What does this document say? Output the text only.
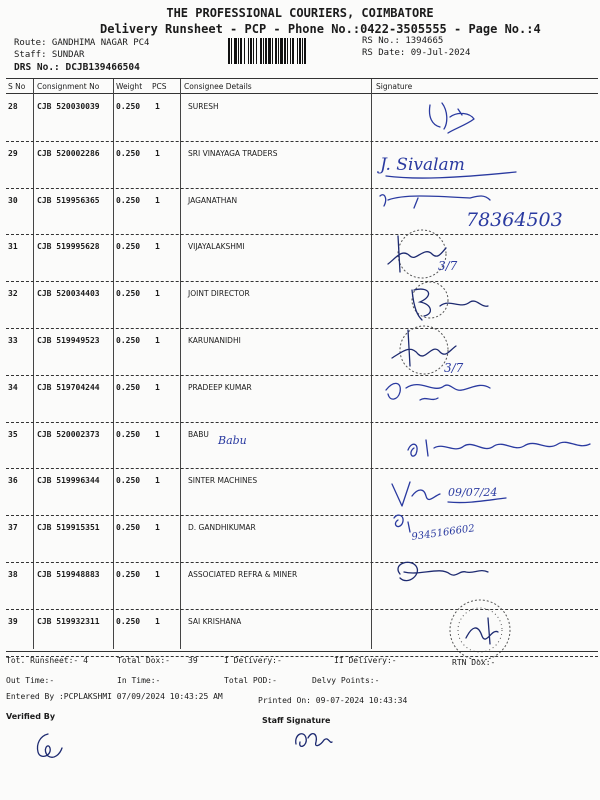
THE PROFESSIONAL COURIERS, COIMBATORE
Delivery Runsheet - PCP - Phone No.:0422-3505555 - Page No.:4
Route: GANDHIMA NAGAR PC4
Staff: SUNDAR
DRS No.: DCJB139466504
RS No.: 1394665
RS Date: 09-Jul-2024
S No Consignment No Weight PCS Consignee Details	Signature
28 CJB 520030039 0.250 1	SURESH
29 CJB 520002286 0.250 1	SRI VINAYAGA TRADERS
30 CJB 519956365 0.250 1	JAGANATHAN
31 CJB 519995628 0.250 1	VIJAYALAKSHMI
32 CJB 520034403 0.250 1	JOINT DIRECTOR
33 CJB 519949523 0.250 1	KARUNANIDHI
34 CJB 519704244 0.250 1	PRADEEP KUMAR
35 CJB 520002373 0.250 1	BABU
36 CJB 519996344 0.250 1	SINTER MACHINES
37 CJB 519915351 0.250 1	D. GANDHIKUMAR
38 CJB 519948883 0.250 1	ASSOCIATED REFRA & MINER
39 CJB 519932311 0.250 1	SAI KRISHANA
J. Sivalam
78364503
3/7
3/7
Babu
09/07/24
9345166602
Tot. Runsheet:- 4	Total Dox:- 39	I Delivery:-	II Delivery:-	RTN Dox:-
Out Time:-	In Time:-	Total POD:-	Delvy Points:-
Entered By :PCPLAKSHMI 07/09/2024 10:43:25 AM	Printed On: 09-07-2024 10:43:34
Verified By	Staff Signature
